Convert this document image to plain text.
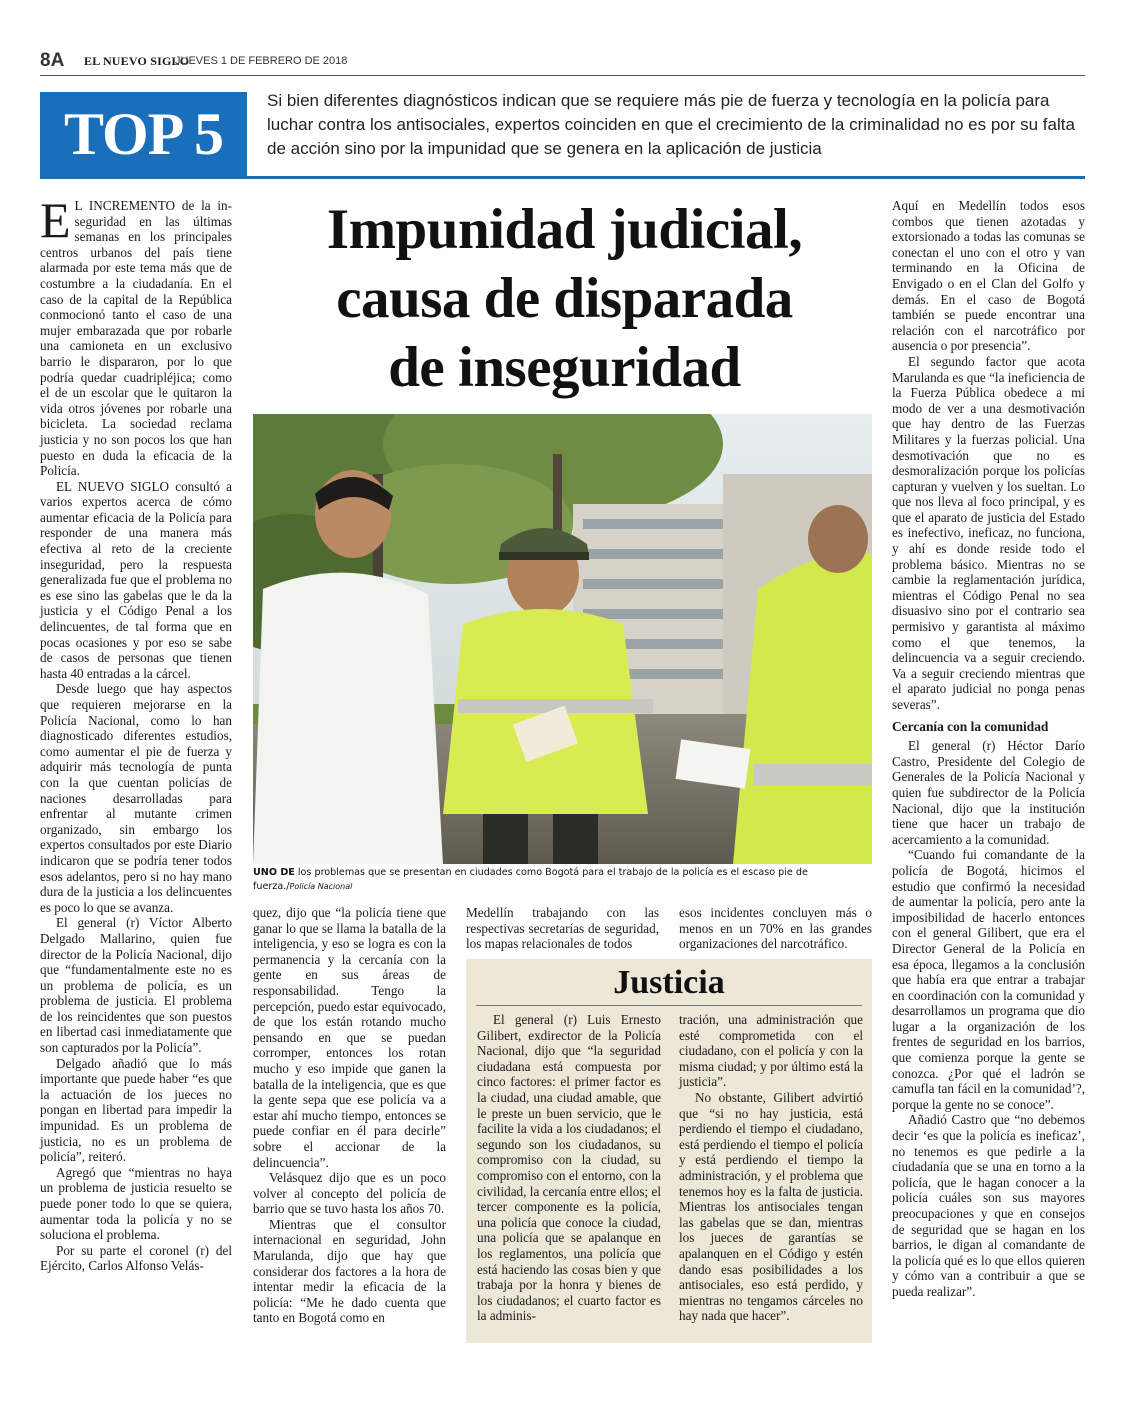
8A EL NUEVO SIGLO
JUEVES 1 DE FEBRERO DE 2018
TOP 5	Si bien diferentes diagnósticos indican que se requiere más pie de fuerza y tecnología en la policía para luchar contra los antisociales, expertos coinciden en que el crecimiento de la criminalidad no es por su falta de acción sino por la impunidad que se genera en la aplicación de justicia
Impunidad judicial,
causa de disparada
de inseguridad
UNO DE los problemas que se presentan en ciudades como Bogotá para el trabajo de la policía es el escaso pie de fuerza./Policía Nacional

E L INCREMENTO de la in- seguridad en las últimas semanas en los principales centros urbanos del país tiene alarmada por este tema más que de costumbre a la ciudadanía. En el caso de la capital de la República conmocionó tanto el caso de una mujer embarazada que por robarle una camioneta en un exclusivo barrio le dispararon, por lo que podría quedar cuadripléjica; como el de un escolar que le quitaron la vida otros jóvenes por robarle una bicicleta. La sociedad reclama justicia y no son pocos los que han puesto en duda la eficacia de la Policía.

EL NUEVO SIGLO consultó a varios expertos acerca de cómo aumentar eficacia de la Policía para responder de una manera más efectiva al reto de la creciente inseguridad, pero la respuesta generalizada fue que el problema no es ese sino las gabelas que le da la justicia y el Código Penal a los delincuentes, de tal forma que en pocas ocasiones y por eso se sabe de casos de personas que tienen hasta 40 entradas a la cárcel.

Desde luego que hay aspectos que requieren mejorarse en la Policía Nacional, como lo han diagnosticado diferentes estudios, como aumentar el pie de fuerza y adquirir más tecnología de punta con la que cuentan policías de naciones desarrolladas para enfrentar al mutante crimen organizado, sin embargo los expertos consultados por este Diario indicaron que se podría tener todos esos adelantos, pero si no hay mano dura de la justicia a los delincuentes es poco lo que se avanza.

El general (r) Víctor Alberto Delgado Mallarino, quien fue director de la Policía Nacional, dijo que “fundamentalmente este no es un problema de policía, es un problema de justicia. El problema de los reincidentes que son puestos en libertad casi inmediatamente que son capturados por la Policía”.

Delgado añadió que lo más importante que puede haber “es que la actuación de los jueces no pongan en libertad para impedir la impunidad. Es un problema de justicia, no es un problema de policía”, reiteró.

Agregó que “mientras no haya un problema de justicia resuelto se puede poner todo lo que se quiera, aumentar toda la policía y no se soluciona el problema.

Por su parte el coronel (r) del Ejército, Carlos Alfonso Velás-

quez, dijo que “la policía tiene que ganar lo que se llama la batalla de la inteligencia, y eso se logra es con la permanencia y la cercanía con la gente en sus áreas de responsabilidad. Tengo la percepción, puedo estar equivocado, de que los están rotando mucho pensando en que se puedan corromper, entonces los rotan mucho y eso impide que ganen la batalla de la inteligencia, que es que la gente sepa que ese policía va a estar ahí mucho tiempo, entonces se puede confiar en él para decirle” sobre el accionar de la delincuencia”.

Velásquez dijo que es un poco volver al concepto del policía de barrio que se tuvo hasta los años 70.

Mientras que el consultor internacional en seguridad, John Marulanda, dijo que hay que considerar dos factores a la hora de intentar medir la eficacia de la policía: “Me he dado cuenta que tanto en Bogotá como en

Medellín trabajando con las respectivas secretarías de seguridad, los mapas relacionales de todos

esos incidentes concluyen más o menos en un 70% en las grandes organizaciones del narcotráfico.

Justicia

El general (r) Luis Ernesto Gilibert, exdirector de la Policía Nacional, dijo que “la seguridad ciudadana está compuesta por cinco factores: el primer factor es la ciudad, una ciudad amable, que le preste un buen servicio, que le facilite la vida a los ciudadanos; el segundo son los ciudadanos, su compromiso con la ciudad, su compromiso con el entorno, con la civilidad, la cercanía entre ellos; el tercer componente es la policía, una policía que conoce la ciudad, una policía que se apalanque en los reglamentos, una policía que está haciendo las cosas bien y que trabaja por la honra y bienes de los ciudadanos; el cuarto factor es la adminis-

tración, una administración que esté comprometida con el ciudadano, con el policía y con la misma ciudad; y por último está la justicia”.

No obstante, Gilibert advirtió que “si no hay justicia, está perdiendo el tiempo el ciudadano, está perdiendo el tiempo el policía y está perdiendo el tiempo la administración, y el problema que tenemos hoy es la falta de justicia. Mientras los antisociales tengan las gabelas que se dan, mientras los jueces de garantías se apalanquen en el Código y estén dando esas posibilidades a los antisociales, eso está perdido, y mientras no tengamos cárceles no hay nada que hacer”.

Aquí en Medellín todos esos combos que tienen azotadas y extorsionado a todas las comunas se conectan el uno con el otro y van terminando en la Oficina de Envigado o en el Clan del Golfo y demás. En el caso de Bogotá también se puede encontrar una relación con el narcotráfico por ausencia o por presencia”.

El segundo factor que acota Marulanda es que “la ineficiencia de la Fuerza Pública obedece a mi modo de ver a una desmotivación que hay dentro de las Fuerzas Militares y la fuerzas policial. Una desmotivación que no es desmoralización porque los policías capturan y vuelven y los sueltan. Lo que nos lleva al foco principal, y es que el aparato de justicia del Estado es inefectivo, ineficaz, no funciona, y ahí es donde reside todo el problema básico. Mientras no se cambie la reglamentación jurídica, mientras el Código Penal no sea disuasivo sino por el contrario sea permisivo y garantista al máximo como el que tenemos, la delincuencia va a seguir creciendo. Va a seguir creciendo mientras que el aparato judicial no ponga penas severas”.

Cercanía con la comunidad

El general (r) Héctor Darío Castro, Presidente del Colegio de Generales de la Policía Nacional y quien fue subdirector de la Policía Nacional, dijo que la institución tiene que hacer un trabajo de acercamiento a la comunidad.

“Cuando fui comandante de la policía de Bogotá, hicimos el estudio que confirmó la necesidad de aumentar la policía, pero ante la imposibilidad de hacerlo entonces con el general Gilibert, que era el Director General de la Policía en esa época, llegamos a la conclusión que había era que entrar a trabajar en coordinación con la comunidad y desarrollamos un programa que dio lugar a la organización de los frentes de seguridad en los barrios, que comienza porque la gente se conozca. ¿Por qué el ladrón se camufla tan fácil en la comunidad’?, porque la gente no se conoce”.

Añadió Castro que “no debemos decir ‘es que la policía es ineficaz’, no tenemos es que pedirle a la ciudadanía que se una en torno a la policía, que le hagan conocer a la policía cuáles son sus mayores preocupaciones y que en consejos de seguridad que se hagan en los barrios, le digan al comandante de la policía qué es lo que ellos quieren y cómo van a contribuir a que se pueda realizar”.
